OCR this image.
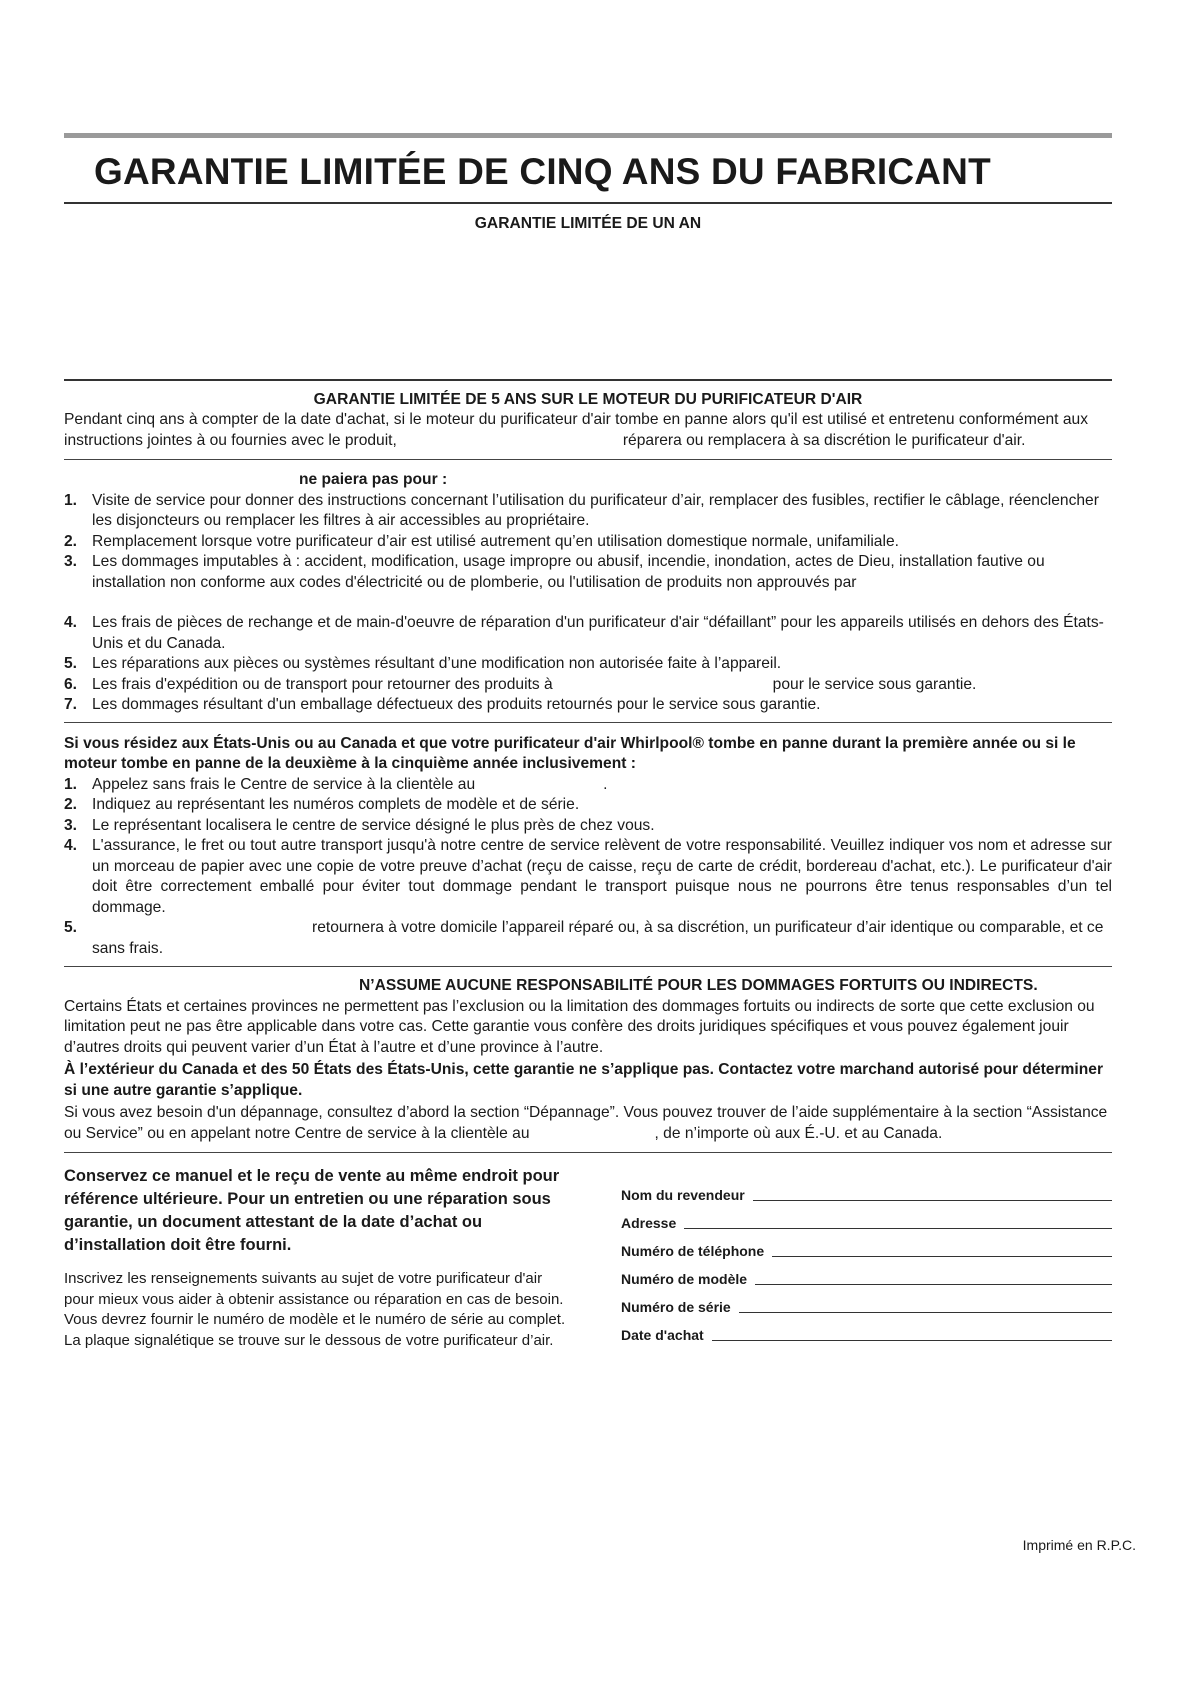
GARANTIE LIMITÉE DE CINQ ANS DU FABRICANT
GARANTIE LIMITÉE DE UN AN
GARANTIE LIMITÉE DE 5 ANS SUR LE MOTEUR DU PURIFICATEUR D'AIR

Pendant cinq ans à compter de la date d'achat, si le moteur du purificateur d'air tombe en panne alors qu'il est utilisé et entretenu conformément aux instructions jointes à ou fournies avec le produit,	réparera ou remplacera à sa discrétion le purificateur d'air.

ne paiera pas pour :
1. Visite de service pour donner des instructions concernant l’utilisation du purificateur d’air, remplacer des fusibles, rectifier le câblage, réenclencher les disjoncteurs ou remplacer les filtres à air accessibles au propriétaire.
2. Remplacement lorsque votre purificateur d’air est utilisé autrement qu’en utilisation domestique normale, unifamiliale.
3. Les dommages imputables à : accident, modification, usage impropre ou abusif, incendie, inondation, actes de Dieu, installation fautive ou installation non conforme aux codes d'électricité ou de plomberie, ou l'utilisation de produits non approuvés par
4. Les frais de pièces de rechange et de main-d'oeuvre de réparation d'un purificateur d'air “défaillant” pour les appareils utilisés en dehors des États-Unis et du Canada.
5. Les réparations aux pièces ou systèmes résultant d’une modification non autorisée faite à l’appareil.
6. Les frais d'expédition ou de transport pour retourner des produits à	pour le service sous garantie.
7. Les dommages résultant d'un emballage défectueux des produits retournés pour le service sous garantie.
Si vous résidez aux États-Unis ou au Canada et que votre purificateur d'air Whirlpool® tombe en panne durant la première année ou si le moteur tombe en panne de la deuxième à la cinquième année inclusivement :
1. Appelez sans frais le Centre de service à la clientèle au	.
2. Indiquez au représentant les numéros complets de modèle et de série.
3. Le représentant localisera le centre de service désigné le plus près de chez vous.
4. L'assurance, le fret ou tout autre transport jusqu'à notre centre de service relèvent de votre responsabilité. Veuillez indiquer vos nom et adresse sur un morceau de papier avec une copie de votre preuve d’achat (reçu de caisse, reçu de carte de crédit, bordereau d'achat, etc.). Le purificateur d'air doit être correctement emballé pour éviter tout dommage pendant le transport puisque nous ne pourrons être tenus responsables d’un tel dommage.
5.	retournera à votre domicile l’appareil réparé ou, à sa discrétion, un purificateur d’air identique ou comparable, et ce sans frais.
N’ASSUME AUCUNE RESPONSABILITÉ POUR LES DOMMAGES FORTUITS OU INDIRECTS.

Certains États et certaines provinces ne permettent pas l’exclusion ou la limitation des dommages fortuits ou indirects de sorte que cette exclusion ou limitation peut ne pas être applicable dans votre cas. Cette garantie vous confère des droits juridiques spécifiques et vous pouvez également jouir d’autres droits qui peuvent varier d’un État à l’autre et d’une province à l’autre.

À l’extérieur du Canada et des 50 États des États-Unis, cette garantie ne s’applique pas. Contactez votre marchand autorisé pour déterminer si une autre garantie s’applique.

Si vous avez besoin d'un dépannage, consultez d’abord la section “Dépannage”. Vous pouvez trouver de l’aide supplémentaire à la section “Assistance ou Service” ou en appelant notre Centre de service à la clientèle au	, de n’importe où aux É.-U. et au Canada.

Conservez ce manuel et le reçu de vente au même endroit pour référence ultérieure. Pour un entretien ou une réparation sous garantie, un document attestant de la date d’achat ou d’installation doit être fourni.

Inscrivez les renseignements suivants au sujet de votre purificateur d'air pour mieux vous aider à obtenir assistance ou réparation en cas de besoin. Vous devrez fournir le numéro de modèle et le numéro de série au complet. La plaque signalétique se trouve sur le dessous de votre purificateur d’air.

Nom du revendeur
Adresse
Numéro de téléphone
Numéro de modèle
Numéro de série
Date d'achat
Imprimé en R.P.C.
